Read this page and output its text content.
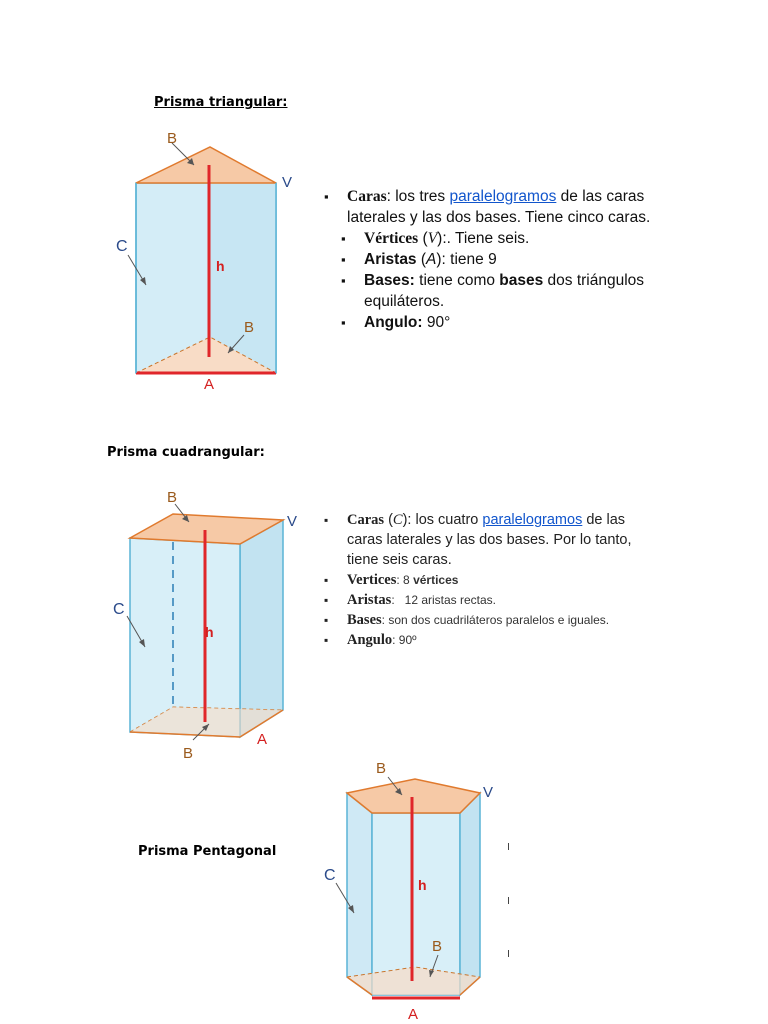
Prisma triangular:
B
V
C
h
B
A
▪ Caras: los tres paralelogramos de las caras laterales y las dos bases. Tiene cinco caras.
▪ Vértices (V):. Tiene seis.
▪ Aristas (A): tiene 9
▪ Bases: tiene como bases dos triángulos equiláteros.
▪ Angulo: 90°
Prisma cuadrangular:
B
V
C
h
B
A
▪ Caras (C): los cuatro paralelogramos de las caras laterales y las dos bases. Por lo tanto, tiene seis caras.
▪ Vertices: 8 vértices
▪ Aristas:   12 aristas rectas.
▪ Bases: son dos cuadriláteros paralelos e iguales.
▪ Angulo: 90º
Prisma Pentagonal
B
V
C
h
B
A
